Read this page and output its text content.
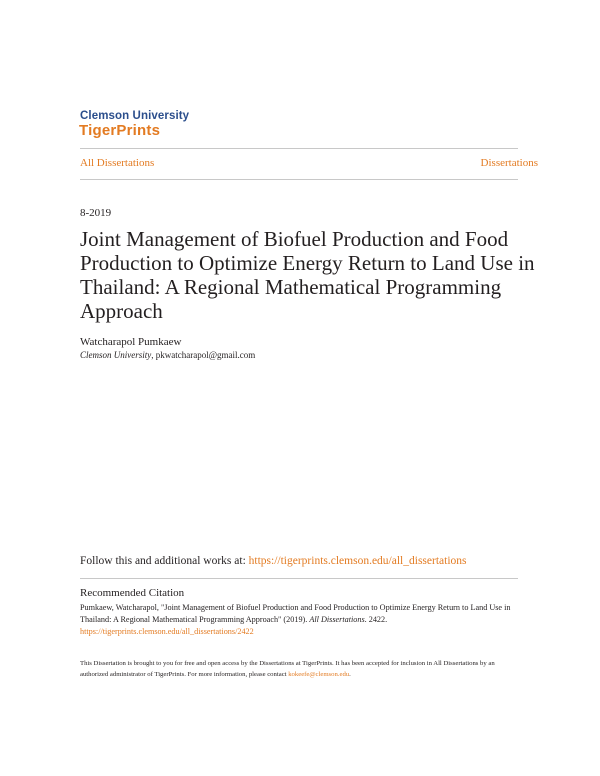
Clemson University
TigerPrints
All Dissertations	Dissertations
8-2019
Joint Management of Biofuel Production and Food Production to Optimize Energy Return to Land Use in Thailand: A Regional Mathematical Programming Approach
Watcharapol Pumkaew
Clemson University, pkwatcharapol@gmail.com
Follow this and additional works at: https://tigerprints.clemson.edu/all_dissertations
Recommended Citation
Pumkaew, Watcharapol, "Joint Management of Biofuel Production and Food Production to Optimize Energy Return to Land Use in Thailand: A Regional Mathematical Programming Approach" (2019). All Dissertations. 2422.
https://tigerprints.clemson.edu/all_dissertations/2422
This Dissertation is brought to you for free and open access by the Dissertations at TigerPrints. It has been accepted for inclusion in All Dissertations by an authorized administrator of TigerPrints. For more information, please contact kokeefe@clemson.edu.
